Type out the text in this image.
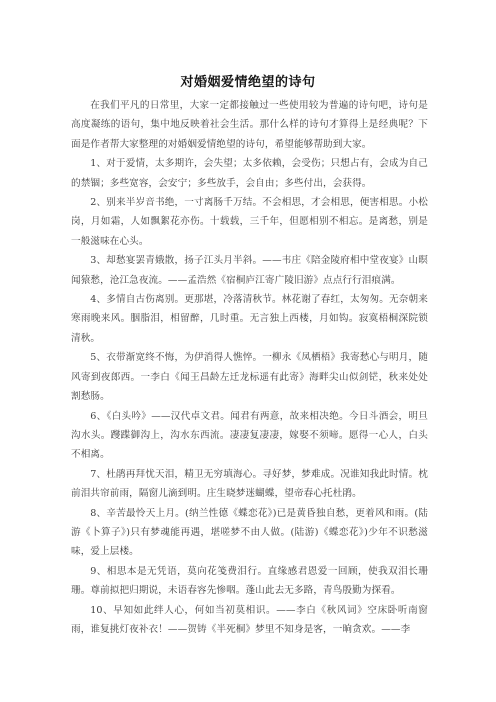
对婚姻爱情绝望的诗句

在我们平凡的日常里，大家一定都接触过一些使用较为普遍的诗句吧，诗句是高度凝练的语句，集中地反映着社会生活。那什么样的诗句才算得上是经典呢？下面是作者帮大家整理的对婚姻爱情绝望的诗句，希望能够帮助到大家。

1、对于爱情，太多期许，会失望；太多依赖，会受伤；只想占有，会成为自己的禁锢；多些宽容，会安宁；多些放手，会自由；多些付出，会获得。

2、别来半岁音书绝，一寸离肠千万结。不会相思，才会相思，便害相思。小松岗，月如霜，人如飘絮花亦伤。十载载，三千年，但愿相别不相忘。是离愁，别是一般滋味在心头。

3、却愁宴罢青娥散，扬子江头月半斜。——韦庄《陪金陵府相中堂夜宴》山暝闻猿愁，沧江急夜流。——孟浩然《宿桐庐江寄广陵旧游》点点行行泪痕满。

4、多情自古伤离别。更那堪，冷落清秋节。林花谢了春红，太匆匆。无奈朝来寒雨晚来风。胭脂泪，相留醉，几时重。无言独上西楼，月如钩。寂寞梧桐深院锁清秋。

5、衣带渐宽终不悔，为伊消得人憔悴。一柳永《凤栖梧》我寄愁心与明月，随风寄到夜郎西。一李白《闻王昌龄左迁龙标遥有此寄》海畔尖山似剑铓，秋来处处割愁肠。

6、《白头吟》——汉代卓文君。闻君有两意，故来相决绝。今日斗酒会，明旦沟水头。躞蹀御沟上，沟水东西流。凄凄复凄凄，嫁娶不须啼。愿得一心人，白头不相离。

7、杜鹃再拜忧天泪，精卫无穷填海心。寻好梦，梦难成。况谁知我此时情。枕前泪共帘前雨，隔窗儿滴到明。庄生晓梦迷蝴蝶，望帝春心托杜鹃。

8、辛苦最怜天上月。(纳兰性德《蝶恋花》)已是黄昏独自愁，更着风和雨。(陆游《卜算子》)只有梦魂能再遇，堪嗟梦不由人做。(陆游)《蝶恋花》)少年不识愁滋味，爱上层楼。

9、相思本是无凭语，莫向花笺费泪行。直缘感君恩爱一回顾，使我双泪长珊珊。尊前拟把归期说，未语春容先惨咽。蓬山此去无多路，青鸟殷勤为探看。

10、早知如此绊人心，何如当初莫相识。——李白《秋风词》空床卧听南窗雨，谁复挑灯夜补衣！——贺铸《半死桐》梦里不知身是客，一晌贪欢。——李
